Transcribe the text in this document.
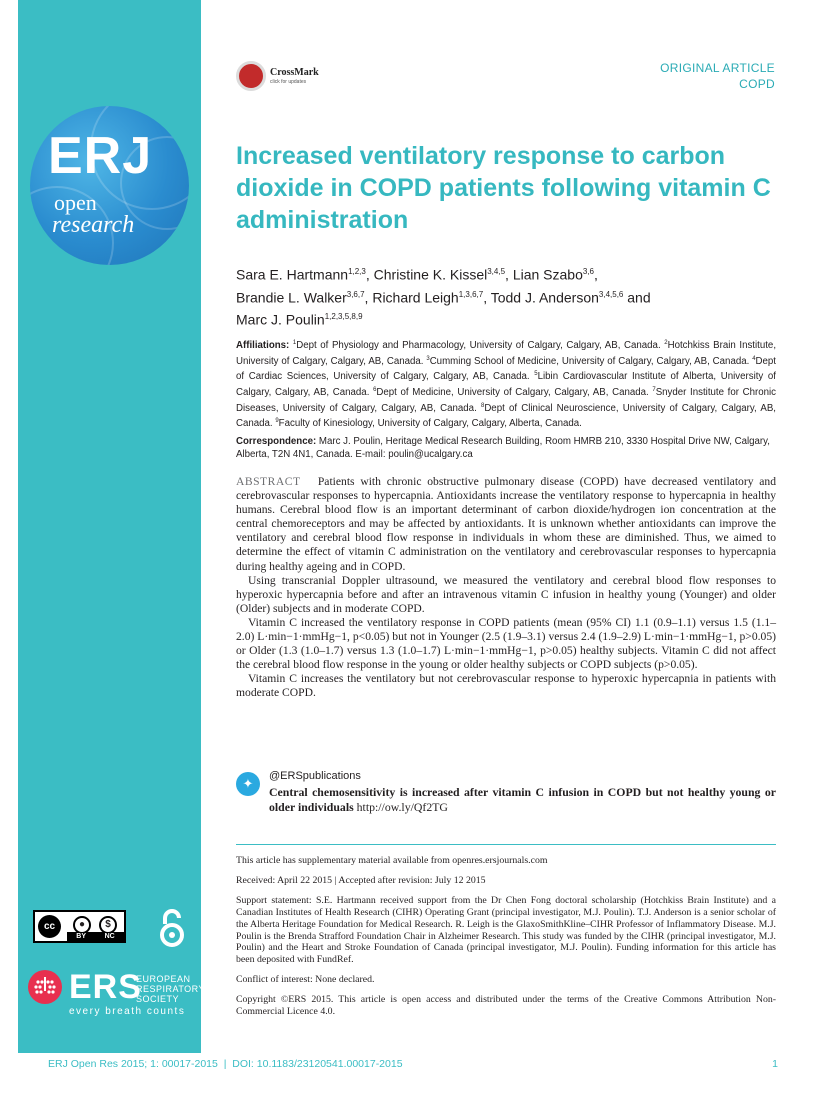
ERJ
open
research
cc	●	$
BY	NC
ERS
EUROPEAN
RESPIRATORY
SOCIETY
every breath counts
CrossMark
click for updates
ORIGINAL ARTICLE
COPD
Increased ventilatory response to carbon dioxide in COPD patients following vitamin C administration
Sara E. Hartmann$^{1,2,3}$, Christine K. Kissel$^{3,4,5}$, Lian Szabo$^{3,6}$,
Brandie L. Walker$^{3,6,7}$, Richard Leigh$^{1,3,6,7}$, Todd J. Anderson$^{3,4,5,6}$ and
Marc J. Poulin$^{1,2,3,5,8,9}$
Affiliations: $^1$Dept of Physiology and Pharmacology, University of Calgary, Calgary, AB, Canada. $^2$Hotchkiss Brain Institute, University of Calgary, Calgary, AB, Canada. $^3$Cumming School of Medicine, University of Calgary, Calgary, AB, Canada. $^4$Dept of Cardiac Sciences, University of Calgary, Calgary, AB, Canada. $^5$Libin Cardiovascular Institute of Alberta, University of Calgary, Calgary, AB, Canada. $^6$Dept of Medicine, University of Calgary, Calgary, AB, Canada. $^7$Snyder Institute for Chronic Diseases, University of Calgary, Calgary, AB, Canada. $^8$Dept of Clinical Neuroscience, University of Calgary, Calgary, AB, Canada. $^9$Faculty of Kinesiology, University of Calgary, Calgary, Alberta, Canada.
Correspondence: Marc J. Poulin, Heritage Medical Research Building, Room HMRB 210, 3330 Hospital Drive NW, Calgary, Alberta, T2N 4N1, Canada. E-mail: poulin@ucalgary.ca

ABSTRACT Patients with chronic obstructive pulmonary disease (COPD) have decreased ventilatory and cerebrovascular responses to hypercapnia. Antioxidants increase the ventilatory response to hypercapnia in healthy humans. Cerebral blood flow is an important determinant of carbon dioxide/hydrogen ion concentration at the central chemoreceptors and may be affected by antioxidants. It is unknown whether antioxidants can improve the ventilatory and cerebral blood flow response in individuals in whom these are diminished. Thus, we aimed to determine the effect of vitamin C administration on the ventilatory and cerebrovascular responses to hypercapnia during healthy ageing and in COPD.

Using transcranial Doppler ultrasound, we measured the ventilatory and cerebral blood flow responses to hyperoxic hypercapnia before and after an intravenous vitamin C infusion in healthy young (Younger) and older (Older) subjects and in moderate COPD.

Vitamin C increased the ventilatory response in COPD patients (mean (95% CI) 1.1 (0.9–1.1) versus 1.5 (1.1–2.0) L·min−1·mmHg−1, p<0.05) but not in Younger (2.5 (1.9–3.1) versus 2.4 (1.9–2.9) L·min−1·mmHg−1, p>0.05) or Older (1.3 (1.0–1.7) versus 1.3 (1.0–1.7) L·min−1·mmHg−1, p>0.05) healthy subjects. Vitamin C did not affect the cerebral blood flow response in the young or older healthy subjects or COPD subjects (p>0.05).

Vitamin C increases the ventilatory but not cerebrovascular response to hyperoxic hypercapnia in patients with moderate COPD.

✦	@ERSpublications
Central chemosensitivity is increased after vitamin C infusion in COPD but not healthy young or older individuals http://ow.ly/Qf2TG

This article has supplementary material available from openres.ersjournals.com

Received: April 22 2015 | Accepted after revision: July 12 2015

Support statement: S.E. Hartmann received support from the Dr Chen Fong doctoral scholarship (Hotchkiss Brain Institute) and a Canadian Institutes of Health Research (CIHR) Operating Grant (principal investigator, M.J. Poulin). T.J. Anderson is a senior scholar of the Alberta Heritage Foundation for Medical Research. R. Leigh is the GlaxoSmithKline–CIHR Professor of Inflammatory Disease. M.J. Poulin is the Brenda Strafford Foundation Chair in Alzheimer Research. This study was funded by the CIHR (principal investigator, M.J. Poulin) and the Heart and Stroke Foundation of Canada (principal investigator, M.J. Poulin). Funding information for this article has been deposited with FundRef.

Conflict of interest: None declared.

Copyright ©ERS 2015. This article is open access and distributed under the terms of the Creative Commons Attribution Non-Commercial Licence 4.0.

ERJ Open Res 2015; 1: 00017-2015  |  DOI: 10.1183/23120541.00017-2015	1
